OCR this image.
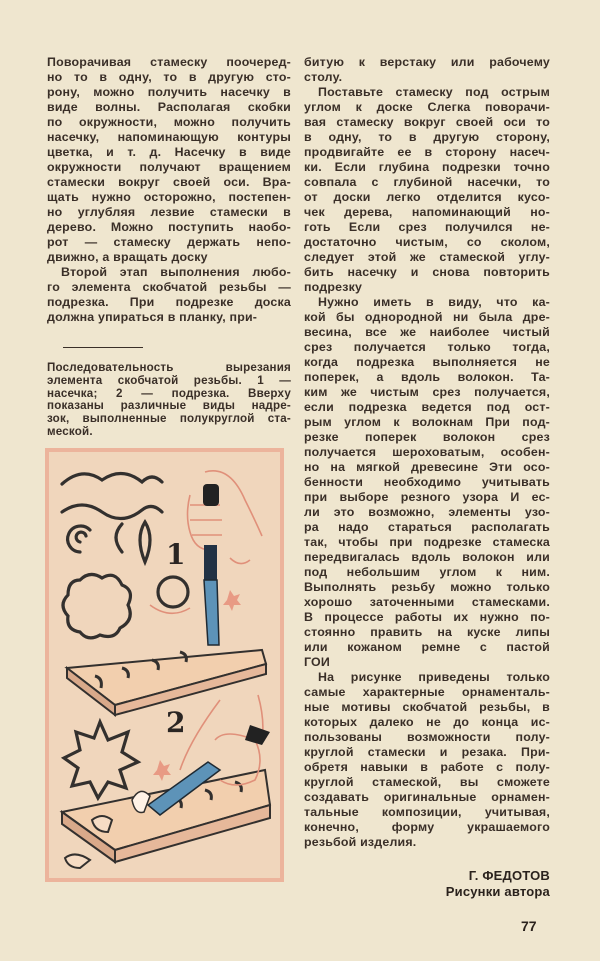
Поворачивая стамеску поочеред-
но то в одну, то в другую сто-
рону, можно получить насечку в
виде волны. Располагая скобки
по окружности, можно получить
насечку, напоминающую контуры
цветка, и т. д. Насечку в виде
окружности получают вращением
стамески вокруг своей оси. Вра-
щать нужно осторожно, постепен-
но углубляя лезвие стамески в
дерево. Можно поступить наобо-
рот — стамеску держать непо-
движно, а вращать доску
Второй этап выполнения любо-
го элемента скобчатой резьбы —
подрезка. При подрезке доска
должна упираться в планку, при-
Последовательность вырезания
элемента скобчатой резьбы. 1 —
насечка; 2 — подрезка. Вверху
показаны различные виды надре-
зок, выполненные полукруглой ста-
меской.
1
2
битую к верстаку или рабочему
столу.
Поставьте стамеску под острым
углом к доске Слегка поворачи-
вая стамеску вокруг своей оси то
в одну, то в другую сторону,
продвигайте ее в сторону насеч-
ки. Если глубина подрезки точно
совпала с глубиной насечки, то
от доски легко отделится кусо-
чек дерева, напоминающий но-
готь Если срез получился не-
достаточно чистым, со сколом,
следует этой же стамеской углу-
бить насечку и снова повторить
подрезку
Нужно иметь в виду, что ка-
кой бы однородной ни была дре-
весина, все же наиболее чистый
срез получается только тогда,
когда подрезка выполняется не
поперек, а вдоль волокон. Та-
ким же чистым срез получается,
если подрезка ведется под ост-
рым углом к волокнам При под-
резке поперек волокон срез
получается шероховатым, особен-
но на мягкой древесине Эти осо-
бенности необходимо учитывать
при выборе резного узора И ес-
ли это возможно, элементы узо-
ра надо стараться располагать
так, чтобы при подрезке стамеска
передвигалась вдоль волокон или
под небольшим углом к ним.
Выполнять резьбу можно только
хорошо заточенными стамесками.
В процессе работы их нужно по-
стоянно править на куске липы
или кожаном ремне с пастой
ГОИ
На рисунке приведены только
самые характерные орнаменталь-
ные мотивы скобчатой резьбы, в
которых далеко не до конца ис-
пользованы возможности полу-
круглой стамески и резака. При-
обретя навыки в работе с полу-
круглой стамеской, вы сможете
создавать оригинальные орнамен-
тальные композиции, учитывая,
конечно, форму украшаемого
резьбой изделия.
Г. ФЕДОТОВ
Рисунки автора
77
